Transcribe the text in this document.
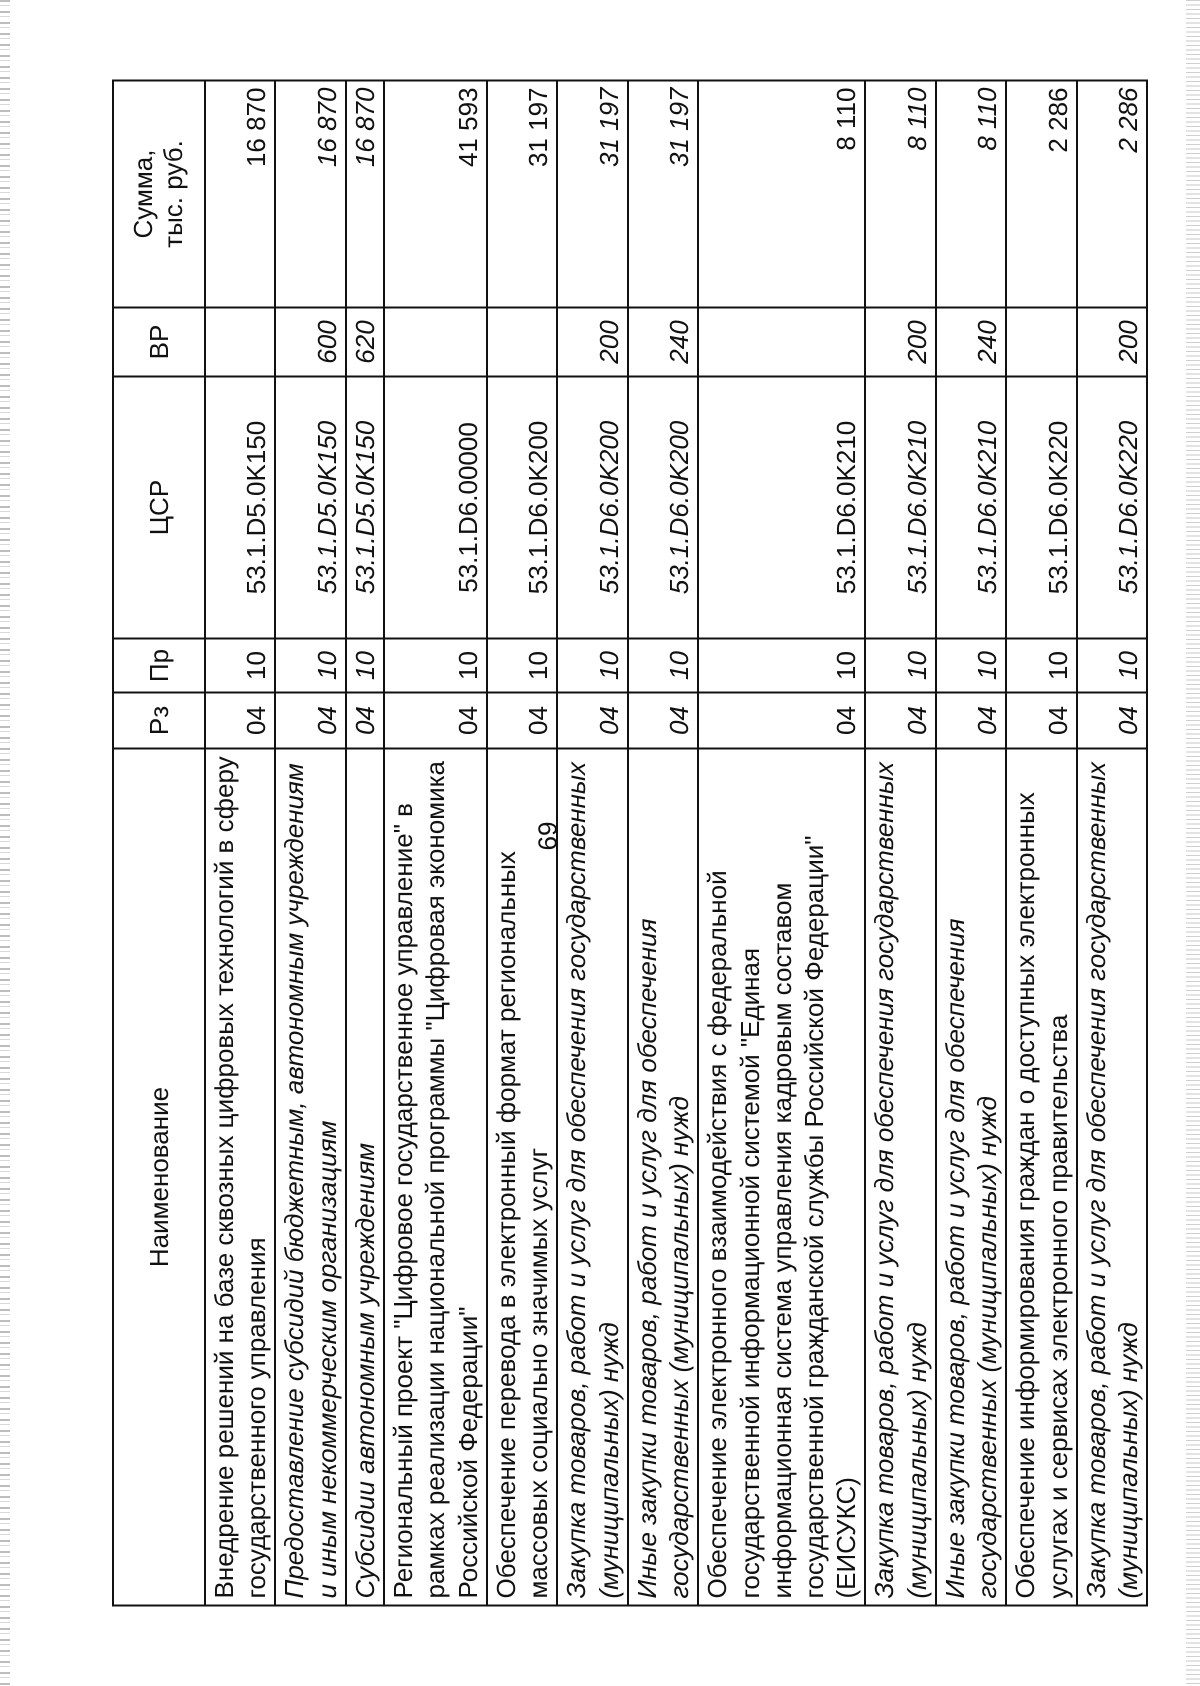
69
Наименование	Рз	Пр	ЦСР	ВР	Сумма, тыс. руб.

Внедрение решений на базе сквозных цифровых технологий в сферу государственного управления	04	10	53.1.D5.0K150		16 870
Предоставление субсидий бюджетным, автономным учреждениям и иным некоммерческим организациям	04	10	53.1.D5.0K150	600	16 870
Субсидии автономным учреждениям	04	10	53.1.D5.0K150	620	16 870
Региональный проект "Цифровое государственное управление" в рамках реализации национальной программы "Цифровая экономика Российской Федерации"	04	10	53.1.D6.00000		41 593
Обеспечение перевода в электронный формат региональных массовых социально значимых услуг	04	10	53.1.D6.0K200		31 197
Закупка товаров, работ и услуг для обеспечения государственных (муниципальных) нужд	04	10	53.1.D6.0K200	200	31 197
Иные закупки товаров, работ и услуг для обеспечения государственных (муниципальных) нужд	04	10	53.1.D6.0K200	240	31 197
Обеспечение электронного взаимодействия с федеральной государственной информационной системой "Единая информационная система управления кадровым составом государственной гражданской службы Российской Федерации" (ЕИСУКС)	04	10	53.1.D6.0K210		8 110
Закупка товаров, работ и услуг для обеспечения государственных (муниципальных) нужд	04	10	53.1.D6.0K210	200	8 110
Иные закупки товаров, работ и услуг для обеспечения государственных (муниципальных) нужд	04	10	53.1.D6.0K210	240	8 110
Обеспечение информирования граждан о доступных электронных услугах и сервисах электронного правительства	04	10	53.1.D6.0K220		2 286
Закупка товаров, работ и услуг для обеспечения государственных (муниципальных) нужд	04	10	53.1.D6.0K220	200	2 286
